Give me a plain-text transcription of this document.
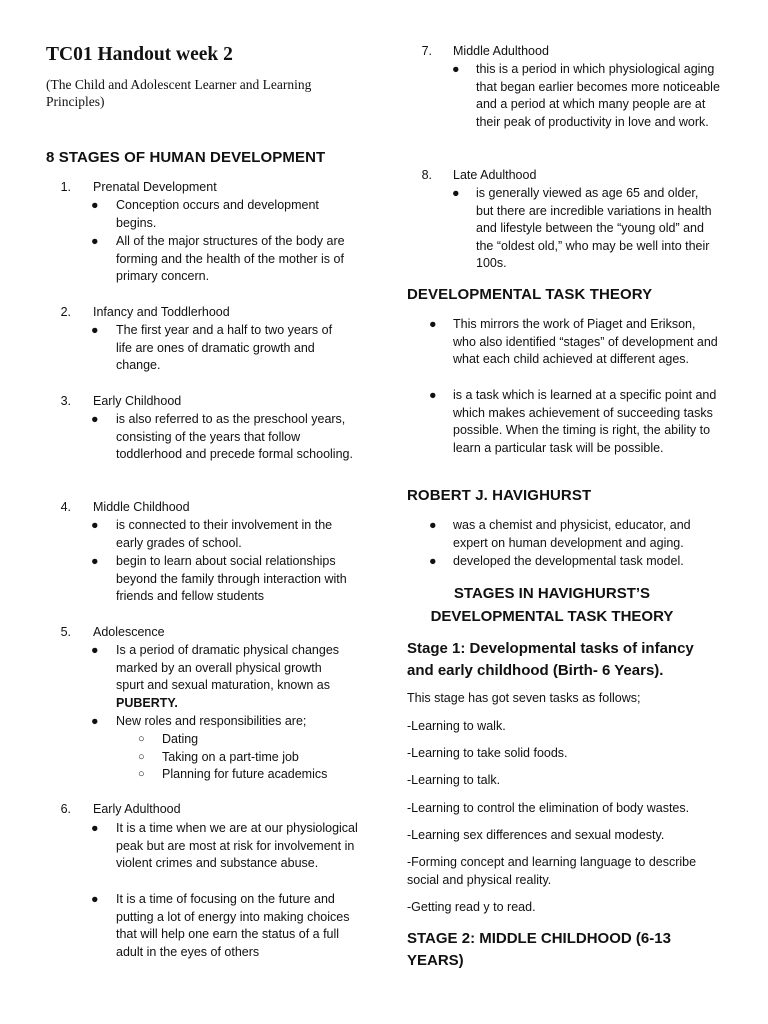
TC01 Handout week 2
(The Child and Adolescent Learner and Learning Principles)
8 STAGES OF HUMAN DEVELOPMENT
1. Prenatal Development
● Conception occurs and development begins.
● All of the major structures of the body are forming and the health of the mother is of primary concern.
2. Infancy and Toddlerhood
● The first year and a half to two years of life are ones of dramatic growth and change.
3. Early Childhood
● is also referred to as the preschool years, consisting of the years that follow toddlerhood and precede formal schooling.
4. Middle Childhood
● is connected to their involvement in the early grades of school.
● begin to learn about social relationships beyond the family through interaction with friends and fellow students
5. Adolescence
● Is a period of dramatic physical changes marked by an overall physical growth spurt and sexual maturation, known as
PUBERTY.
● New roles and responsibilities are;
○ Dating
○ Taking on a part-time job
○ Planning for future academics
6. Early Adulthood
● It is a time when we are at our physiological peak but are most at risk for involvement in violent crimes and substance abuse.
● It is a time of focusing on the future and putting a lot of energy into making choices that will help one earn the status of a full adult in the eyes of others
7. Middle Adulthood
● this is a period in which physiological aging that began earlier becomes more noticeable and a period at which many people are at their peak of productivity in love and work.
8. Late Adulthood
● is generally viewed as age 65 and older, but there are incredible variations in health and lifestyle between the “young old” and the “oldest old,” who may be well into their 100s.
DEVELOPMENTAL TASK THEORY
● This mirrors the work of Piaget and Erikson, who also identified “stages” of development and what each child achieved at different ages.
● is a task which is learned at a specific point and which makes achievement of succeeding tasks possible. When the timing is right, the ability to learn a particular task will be possible.
ROBERT J. HAVIGHURST
● was a chemist and physicist, educator, and expert on human development and aging.
● developed the developmental task model.
STAGES IN HAVIGHURST’S
DEVELOPMENTAL TASK THEORY
Stage 1: Developmental tasks of infancy
and early childhood (Birth- 6 Years).
This stage has got seven tasks as follows;
-Learning to walk.
-Learning to take solid foods.
-Learning to talk.
-Learning to control the elimination of body wastes.
-Learning sex differences and sexual modesty.
-Forming concept and learning language to describe social and physical reality.
-Getting read y to read.
STAGE 2: MIDDLE CHILDHOOD (6-13
YEARS)
